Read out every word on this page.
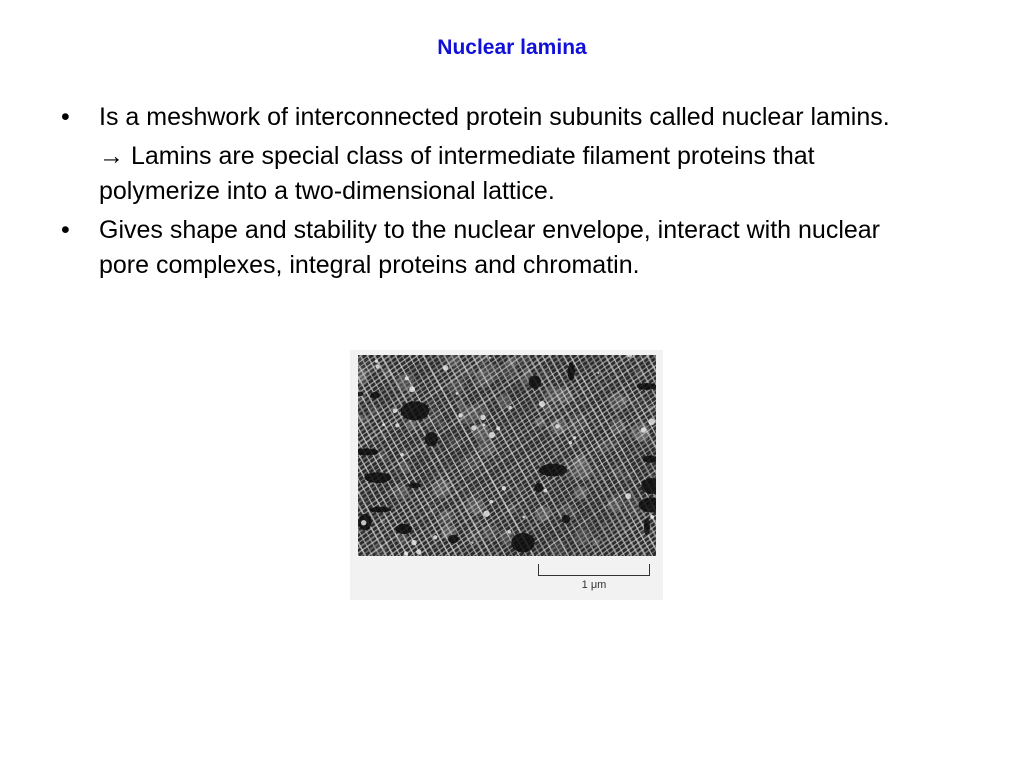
Nuclear lamina
•	Is a meshwork of interconnected protein subunits called nuclear lamins.
→ Lamins are special class of intermediate filament proteins that polymerize into a two-dimensional lattice.
•	Gives shape and stability to the nuclear envelope, interact with nuclear pore complexes, integral proteins and chromatin.
1 μm
